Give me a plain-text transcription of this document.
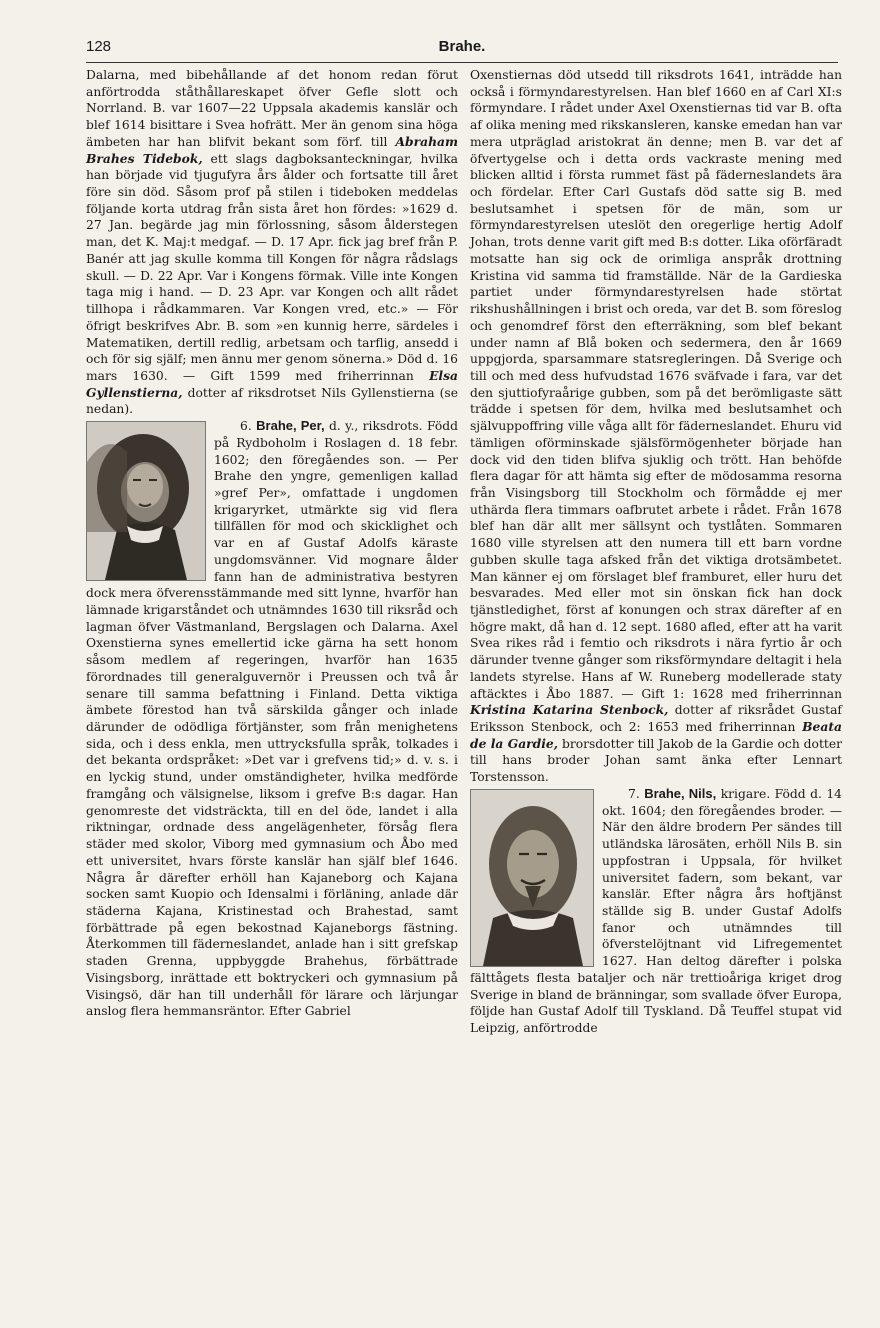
128	Brahe.

Dalarna, med bibehållande af det honom redan förut anförtrodda ståthållareskapet öfver Gefle slott och Norrland. B. var 1607—22 Uppsala akademis kanslär och blef 1614 bisittare i Svea hofrätt. Mer än genom sina höga ämbeten har han blifvit bekant som förf. till Abraham Brahes Tidebok, ett slags dagboksanteckningar, hvilka han började vid tjugufyra års ålder och fortsatte till året före sin död. Såsom prof på stilen i tideboken meddelas följande korta utdrag från sista året hon fördes: »1629 d. 27 Jan. begärde jag min förlossning, såsom ålderstegen man, det K. Maj:t medgaf. — D. 17 Apr. fick jag bref från P. Banér att jag skulle komma till Kongen för några rådslags skull. — D. 22 Apr. Var i Kongens förmak. Ville inte Kongen taga mig i hand. — D. 23 Apr. var Kongen och allt rådet tillhopa i rådkammaren. Var Kongen vred, etc.» — För öfrigt beskrifves Abr. B. som »en kunnig herre, särdeles i Matematiken, dertill redlig, arbetsam och tarflig, ansedd i och för sig själf; men ännu mer genom sönerna.» Död d. 16 mars 1630. — Gift 1599 med friherrinnan Elsa Gyllenstierna, dotter af riksdrotset Nils Gyllenstierna (se nedan).

6. Brahe, Per, d. y., riksdrots. Född på Rydboholm i Roslagen d. 18 febr. 1602; den föregåendes son. — Per Brahe den yngre, gemenligen kallad »gref Per», omfattade i ungdomen krigaryrket, utmärkte sig vid flera tillfällen för mod och skicklighet och var en af Gustaf Adolfs käraste ungdomsvänner. Vid mognare ålder fann han de administrativa bestyren dock mera öfverensstämmande med sitt lynne, hvarför han lämnade krigarståndet och utnämndes 1630 till riksråd och lagman öfver Västmanland, Bergslagen och Dalarna. Axel Oxenstierna synes emellertid icke gärna ha sett honom såsom medlem af regeringen, hvarför han 1635 förordnades till generalguvernör i Preussen och två år senare till samma befattning i Finland. Detta viktiga ämbete förestod han två särskilda gånger och inlade därunder de odödliga förtjänster, som från menighetens sida, och i dess enkla, men uttrycksfulla språk, tolkades i det bekanta ordspråket: »Det var i grefvens tid;» d. v. s. i en lyckig stund, under omständigheter, hvilka medförde framgång och välsignelse, liksom i grefve B:s dagar. Han genomreste det vidsträckta, till en del öde, landet i alla riktningar, ordnade dess angelägenheter, försåg flera städer med skolor, Viborg med gymnasium och Åbo med ett universitet, hvars förste kanslär han själf blef 1646. Några år därefter erhöll han Kajaneborg och Kajana socken samt Kuopio och Idensalmi i förläning, anlade där städerna Kajana, Kristinestad och Brahestad, samt förbättrade på egen bekostnad Kajaneborgs fästning. Återkommen till fäderneslandet, anlade han i sitt grefskap staden Grenna, uppbyggde Brahehus, förbättrade Visingsborg, inrättade ett boktryckeri och gymnasium på Visingsö, där han till underhåll för lärare och lärjungar anslog flera hemmansräntor. Efter Gabriel

Oxenstiernas död utsedd till riksdrots 1641, inträdde han också i förmyndarestyrelsen. Han blef 1660 en af Carl XI:s förmyndare. I rådet under Axel Oxenstiernas tid var B. ofta af olika mening med rikskansleren, kanske emedan han var mera utpräglad aristokrat än denne; men B. var det af öfvertygelse och i detta ords vackraste mening med blicken alltid i första rummet fäst på fäderneslandets ära och fördelar. Efter Carl Gustafs död satte sig B. med beslutsamhet i spetsen för de män, som ur förmyndarestyrelsen uteslöt den oregerlige hertig Adolf Johan, trots denne varit gift med B:s dotter. Lika oförfäradt motsatte han sig ock de orimliga anspråk drottning Kristina vid samma tid framställde. När de la Gardieska partiet under förmyndarestyrelsen hade störtat rikshushållningen i brist och oreda, var det B. som föreslog och genomdref först den efterräkning, som blef bekant under namn af Blå boken och sedermera, den år 1669 uppgjorda, sparsammare statsregleringen. Då Sverige och till och med dess hufvudstad 1676 sväfvade i fara, var det den sjuttiofyraårige gubben, som på det berömligaste sätt trädde i spetsen för dem, hvilka med beslutsamhet och självuppoffring ville våga allt för fäderneslandet. Ehuru vid tämligen oförminskade själsförmögenheter började han dock vid den tiden blifva sjuklig och trött. Han behöfde flera dagar för att hämta sig efter de mödosamma resorna från Visingsborg till Stockholm och förmådde ej mer uthärda flera timmars oafbrutet arbete i rådet. Från 1678 blef han där allt mer sällsynt och tystlåten. Sommaren 1680 ville styrelsen att den numera till ett barn vordne gubben skulle taga afsked från det viktiga drotsämbetet. Man känner ej om förslaget blef framburet, eller huru det besvarades. Med eller mot sin önskan fick han dock tjänstledighet, först af konungen och strax därefter af en högre makt, då han d. 12 sept. 1680 afled, efter att ha varit Svea rikes råd i femtio och riksdrots i nära fyrtio år och därunder tvenne gånger som riksförmyndare deltagit i hela landets styrelse. Hans af W. Runeberg modellerade staty aftäcktes i Åbo 1887. — Gift 1: 1628 med friherrinnan Kristina Katarina Stenbock, dotter af riksrådet Gustaf Eriksson Stenbock, och 2: 1653 med friherrinnan Beata de la Gardie, brorsdotter till Jakob de la Gardie och dotter till hans broder Johan samt änka efter Lennart Torstensson.

7. Brahe, Nils, krigare. Född d. 14 okt. 1604; den föregåendes broder. — När den äldre brodern Per sändes till utländska lärosäten, erhöll Nils B. sin uppfostran i Uppsala, för hvilket universitet fadern, som bekant, var kanslär. Efter några års hoftjänst ställde sig B. under Gustaf Adolfs fanor och utnämndes till öfverstelöjtnant vid Lifregementet 1627. Han deltog därefter i polska fälttågets flesta bataljer och när trettioåriga kriget drog Sverige in bland de bränningar, som svallade öfver Europa, följde han Gustaf Adolf till Tyskland. Då Teuffel stupat vid Leipzig, anförtrodde
